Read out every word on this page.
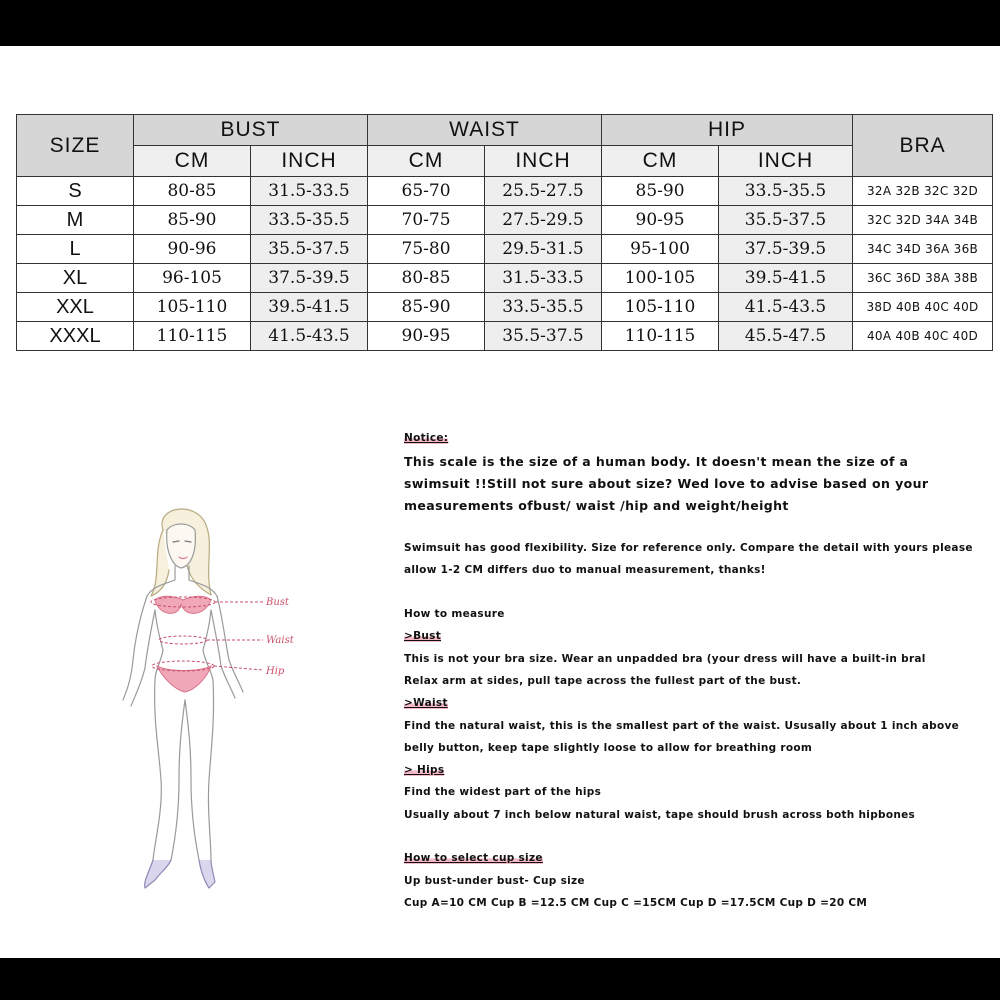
SIZE	BUST		WAIST		HIP		BRA
	CM	INCH	CM	INCH	CM	INCH	
S	80-85	31.5-33.5	65-70	25.5-27.5	85-90	33.5-35.5	32A 32B 32C 32D
M	85-90	33.5-35.5	70-75	27.5-29.5	90-95	35.5-37.5	32C 32D 34A 34B
L	90-96	35.5-37.5	75-80	29.5-31.5	95-100	37.5-39.5	34C 34D 36A 36B
XL	96-105	37.5-39.5	80-85	31.5-33.5	100-105	39.5-41.5	36C 36D 38A 38B
XXL	105-110	39.5-41.5	85-90	33.5-35.5	105-110	41.5-43.5	38D 40B 40C 40D
XXXL	110-115	41.5-43.5	90-95	35.5-37.5	110-115	45.5-47.5	40A 40B 40C 40D
Bust
Waist
Hip
Notice:
This scale is the size of a human body. It doesn't mean the size of a
swimsuit !!Still not sure about size? Wed love to advise based on your
measurements ofbust/ waist /hip and weight/height
Swimsuit has good flexibility. Size for reference only. Compare the detail with yours please
allow 1-2 CM differs duo to manual measurement, thanks!
How to measure
>Bust
This is not your bra size. Wear an unpadded bra (your dress will have a built-in bral
Relax arm at sides, pull tape across the fullest part of the bust.
>Waist
Find the natural waist, this is the smallest part of the waist. Ususally about 1 inch above
belly button, keep tape slightly loose to allow for breathing room
> Hips
Find the widest part of the hips
Usually about 7 inch below natural waist, tape should brush across both hipbones
How to select cup size
Up bust-under bust- Cup size
Cup A=10 CM Cup B =12.5 CM Cup C =15CM Cup D =17.5CM Cup D =20 CM
